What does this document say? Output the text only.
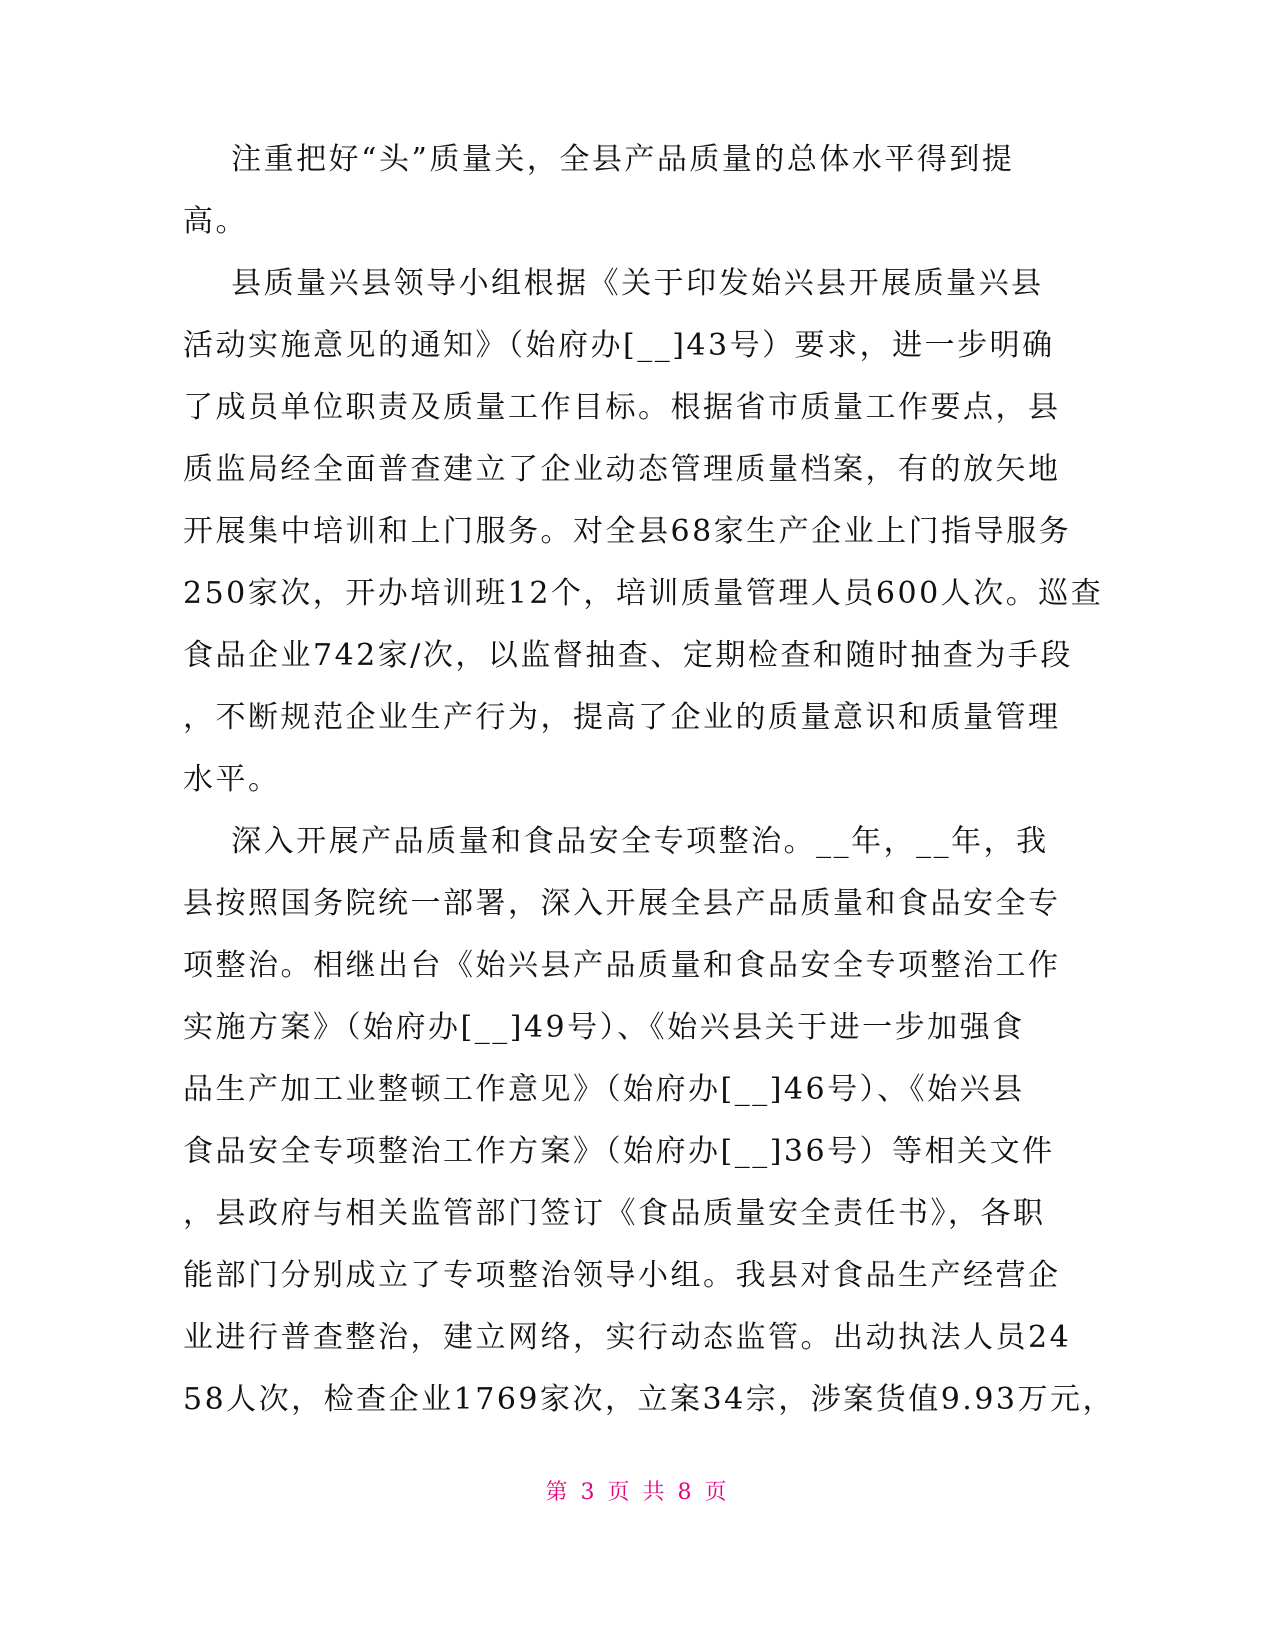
注重把好“头”质量关，全县产品质量的总体水平得到提
高。
县质量兴县领导小组根据《关于印发始兴县开展质量兴县
活动实施意见的通知》（始府办[__]43号）要求，进一步明确
了成员单位职责及质量工作目标。根据省市质量工作要点，县
质监局经全面普查建立了企业动态管理质量档案，有的放矢地
开展集中培训和上门服务。对全县68家生产企业上门指导服务
250家次，开办培训班12个，培训质量管理人员600人次。巡查
食品企业742家/次，以监督抽查、定期检查和随时抽查为手段
，不断规范企业生产行为，提高了企业的质量意识和质量管理
水平。
深入开展产品质量和食品安全专项整治。__年，__年，我
县按照国务院统一部署，深入开展全县产品质量和食品安全专
项整治。相继出台《始兴县产品质量和食品安全专项整治工作
实施方案》（始府办[__]49号）、《始兴县关于进一步加强食
品生产加工业整顿工作意见》（始府办[__]46号）、《始兴县
食品安全专项整治工作方案》（始府办[__]36号）等相关文件
，县政府与相关监管部门签订《食品质量安全责任书》，各职
能部门分别成立了专项整治领导小组。我县对食品生产经营企
业进行普查整治，建立网络，实行动态监管。出动执法人员24
58人次，检查企业1769家次，立案34宗，涉案货值9.93万元，
第 3 页 共 8 页
